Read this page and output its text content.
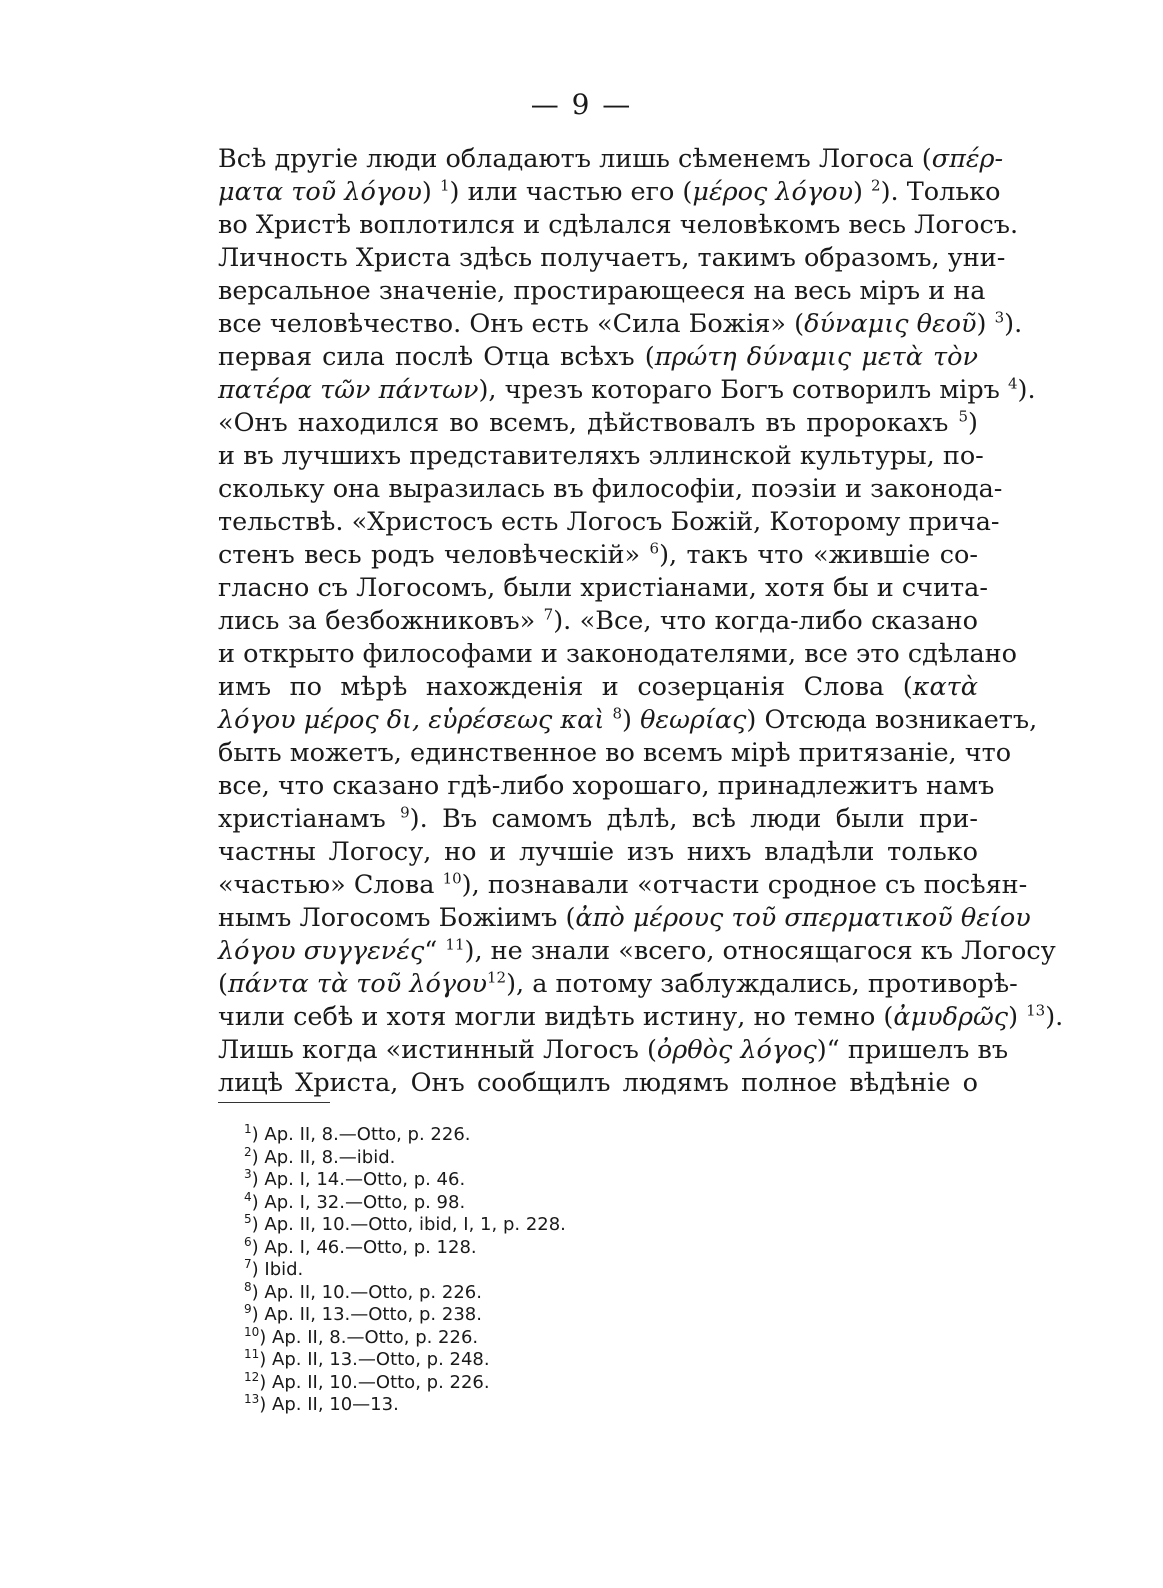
— 9 —
Всѣ другіе люди обладаютъ лишь сѣменемъ Логоса (σπέρ-
ματα τοῦ λόγου) $^1$) или частью его (μέρος λόγου) $^2$). Только
во Христѣ воплотился и сдѣлался человѣкомъ весь Логосъ.
Личность Христа здѣсь получаетъ, такимъ образомъ, уни-
версальное значеніе, простирающееся на весь міръ и на
все человѣчество. Онъ есть «Сила Божія» (δύναμις θεοῦ) $^3$).
первая сила послѣ Отца всѣхъ (πρώτη δύναμις μετὰ τὸν
πατέρα τῶν πάντων), чрезъ котораго Богъ сотворилъ міръ $^4$).
«Онъ находился во всемъ, дѣйствовалъ въ пророкахъ $^5$)
и въ лучшихъ представителяхъ эллинской культуры, по-
скольку она выразилась въ философіи, поэзіи и законода-
тельствѣ. «Христосъ есть Логосъ Божій, Которому прича-
стенъ весь родъ человѣческій» $^6$), такъ что «жившіе со-
гласно съ Логосомъ, были христіанами, хотя бы и счита-
лись за безбожниковъ» $^7$). «Все, что когда-либо сказано
и открыто философами и законодателями, все это сдѣлано
имъ по мѣрѣ нахожденія и созерцанія Слова (κατὰ
λόγου μέρος δι, εὑρέσεως καὶ $^8$) θεωρίας) Отсюда возникаетъ,
быть можетъ, единственное во всемъ мірѣ притязаніе, что
все, что сказано гдѣ-либо хорошаго, принадлежитъ намъ
христіанамъ $^9$). Въ самомъ дѣлѣ, всѣ люди были при-
частны Логосу, но и лучшіе изъ нихъ владѣли только
«частью» Слова $^{10}$), познавали «отчасти сродное съ посѣян-
нымъ Логосомъ Божіимъ (ἀπὸ μέρους τοῦ σπερματικοῦ θείου
λόγου συγγενές“ $^{11}$), не знали «всего, относящагося къ Логосу
(πάντα τὰ τοῦ λόγου$^{12}$), а потому заблуждались, противорѣ-
чили себѣ и хотя могли видѣть истину, но темно (ἀμυδρῶς) $^{13}$).
Лишь когда «истинный Логосъ (ὀρθὸς λόγος)“ пришелъ въ
лицѣ Христа, Онъ сообщилъ людямъ полное вѣдѣніе о
$^1$) Ap. II, 8.—Otto, p. 226.
$^2$) Ap. II, 8.—ibid.
$^3$) Ap. I, 14.—Otto, p. 46.
$^4$) Ap. I, 32.—Otto, p. 98.
$^5$) Ap. II, 10.—Otto, ibid, I, 1, p. 228.
$^6$) Ap. I, 46.—Otto, p. 128.
$^7$) Ibid.
$^8$) Ap. II, 10.—Otto, p. 226.
$^9$) Ap. II, 13.—Otto, p. 238.
$^{10}$) Ap. II, 8.—Otto, p. 226.
$^{11}$) Ap. II, 13.—Otto, p. 248.
$^{12}$) Ap. II, 10.—Otto, p. 226.
$^{13}$) Ap. II, 10—13.
